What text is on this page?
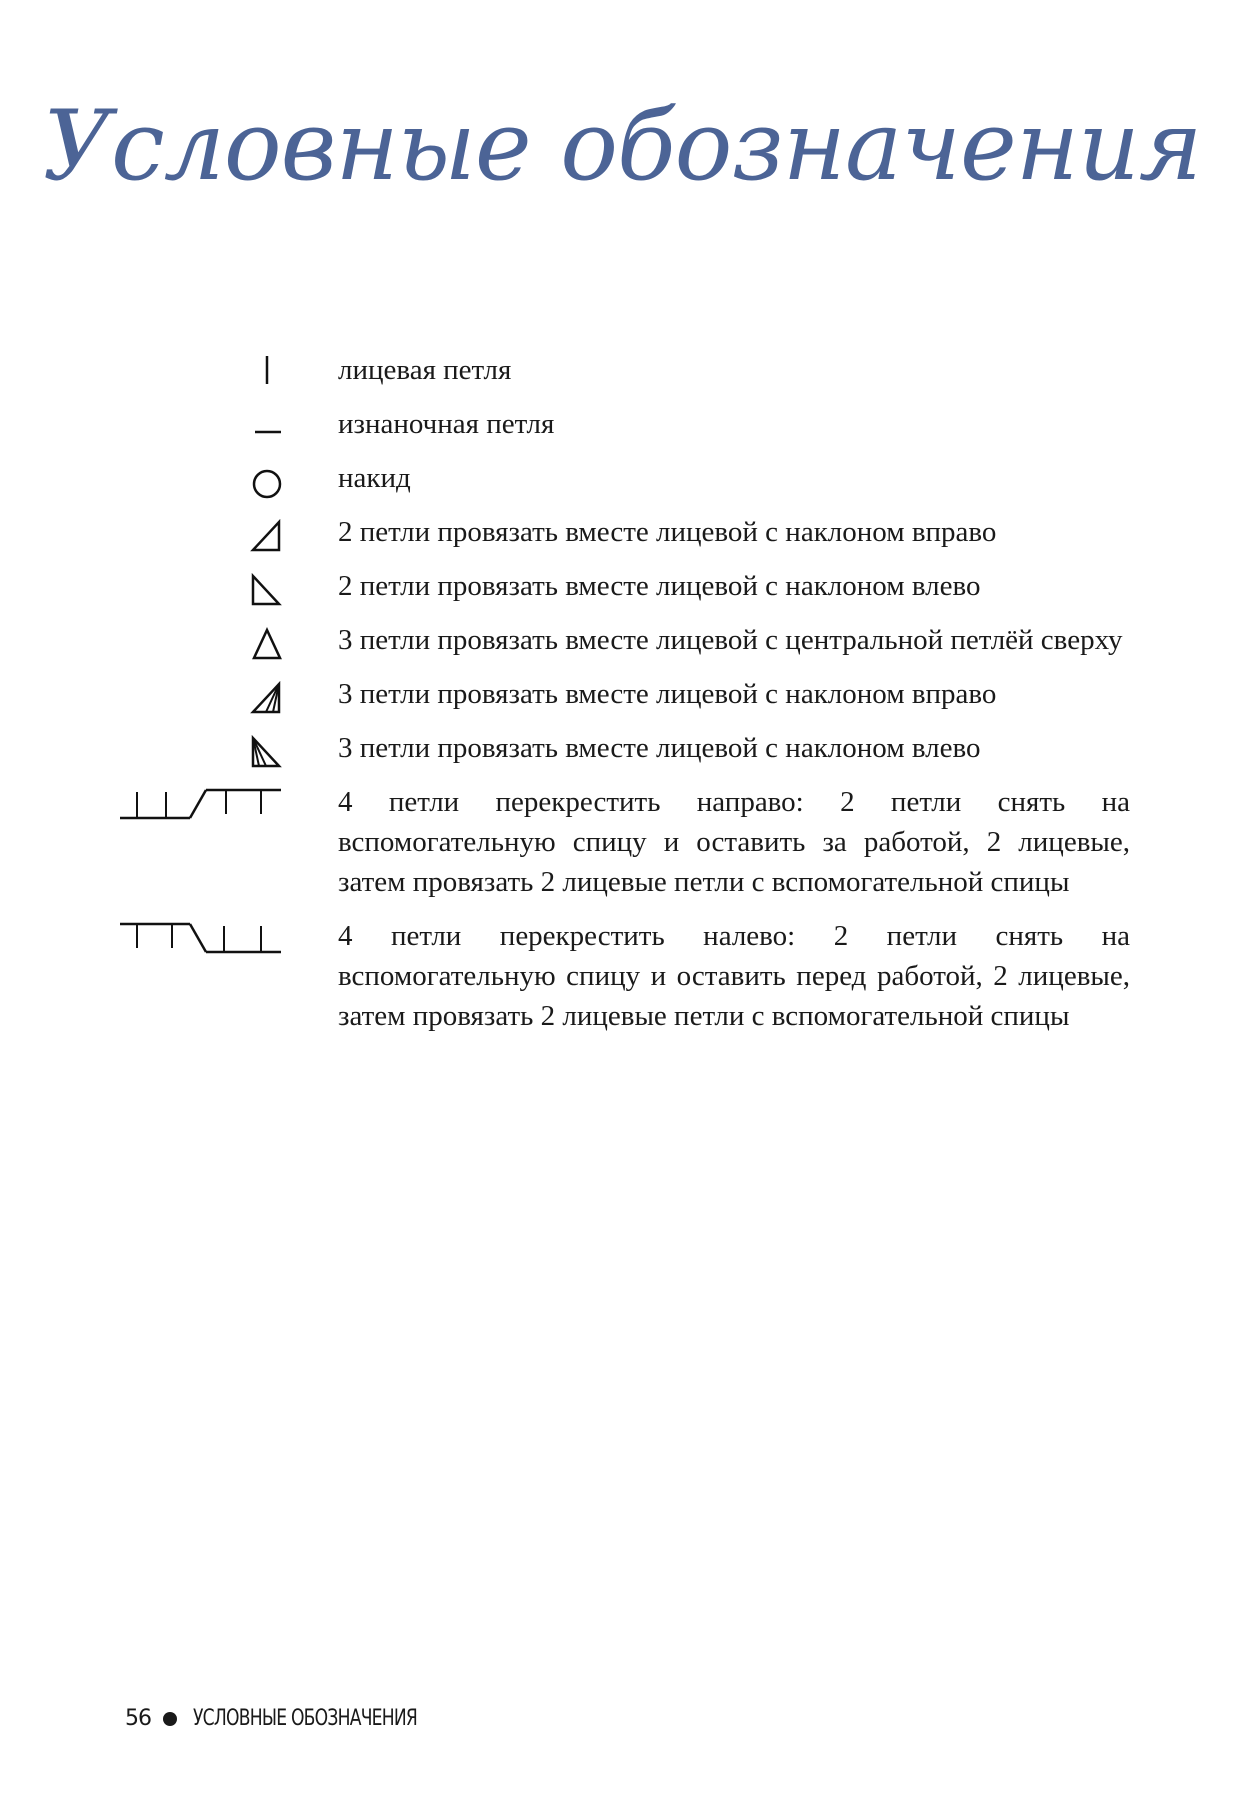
Условные обозначения
лицевая петля
изнаночная петля
накид
2 петли провязать вместе лицевой с наклоном вправо
2 петли провязать вместе лицевой с наклоном влево
3 петли провязать вместе лицевой с центральной петлёй сверху
3 петли провязать вместе лицевой с наклоном вправо
3 петли провязать вместе лицевой с наклоном влево
4 петли перекрестить направо: 2 петли снять на вспомогательную спицу и оставить за работой, 2 лицевые, затем провязать 2 лицевые петли с вспомогательной спицы
4 петли перекрестить налево: 2 петли снять на вспомогательную спицу и оставить перед работой, 2 лицевые, затем провязать 2 лицевые петли с вспомогательной спицы
56 УСЛОВНЫЕ ОБОЗНАЧЕНИЯ
